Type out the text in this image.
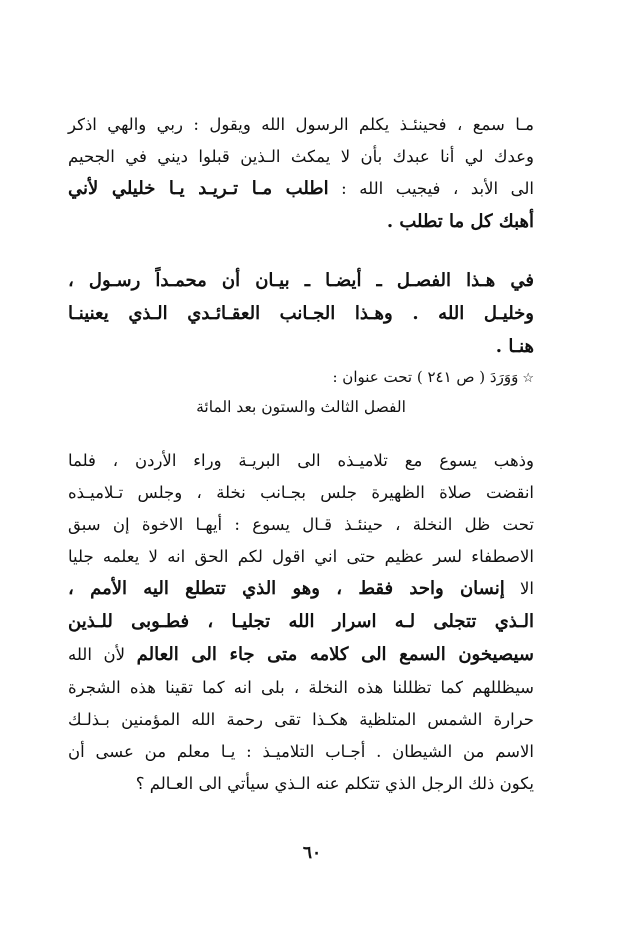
مـا سمع ، فحينئـذ يكلم الرسول الله ويقول : ربي والهي اذكر
وعدك لي أنا عبدك بأن لا يمكث الـذين قبلوا ديني في الجحيم
الى الأبد ، فيجيب الله : اطلب مـا تـريـد يـا خليلي لأني
أهبك كل ما تطلب .
في هـذا الفصـل ـ أيضـا ـ بيـان أن محمـداً رسـول ،
وخليـل الله . وهـذا الجـانب العقـائـدي الـذي يعنينـا
هنـا .
☆وَوَرَدَ ( ص ٢٤١ ) تحت عنوان :
الفصل الثالث والستون بعد المائة
وذهب يسوع مع تلاميـذه الى البريـة وراء الأردن ، فلما
انقضت صلاة الظهيرة جلس بجـانب نخلة ، وجلس تـلاميـذه
تحت ظل النخلة ، حينئـذ قـال يسوع : أيهـا الاخوة إن سبق
الاصطفاء لسر عظيم حتى اني اقول لكم الحق انه لا يعلمه جليا
الا إنسان واحد فقط ، وهو الذي تتطلع اليه الأمم ،
الـذي تتجلى لـه اسرار الله تجليـا ، فطـوبى للـذين
سيصيخون السمع الى كلامه متى جاء الى العالم لأن الله
سيظللهم كما تظللنا هذه النخلة ، بلى انه كما تقينا هذه الشجرة
حرارة الشمس المتلظية هكـذا تقى رحمة الله المؤمنين بـذلـك
الاسم من الشيطان . أجـاب التلاميـذ : يـا معلم من عسى أن
يكون ذلك الرجل الذي تتكلم عنه الـذي سيأتي الى العـالم ؟
٦٠
